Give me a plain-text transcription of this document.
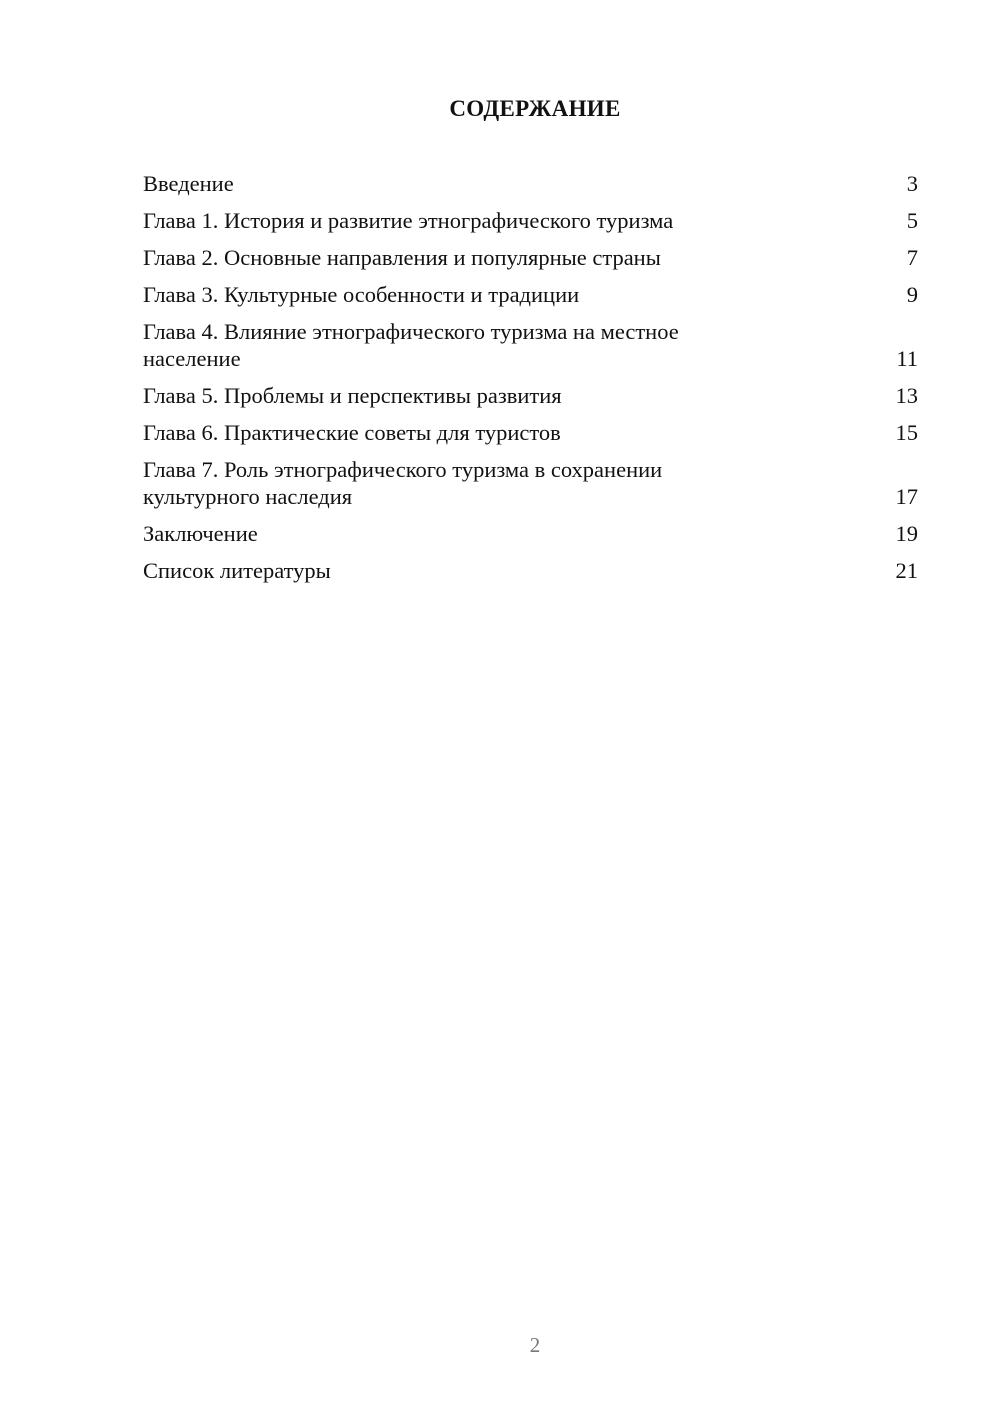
СОДЕРЖАНИЕ
Введение	3
Глава 1. История и развитие этнографического туризма	5
Глава 2. Основные направления и популярные страны	7
Глава 3. Культурные особенности и традиции	9
Глава 4. Влияние этнографического туризма на местное
население	11
Глава 5. Проблемы и перспективы развития	13
Глава 6. Практические советы для туристов	15
Глава 7. Роль этнографического туризма в сохранении
культурного наследия	17
Заключение	19
Список литературы	21
2
